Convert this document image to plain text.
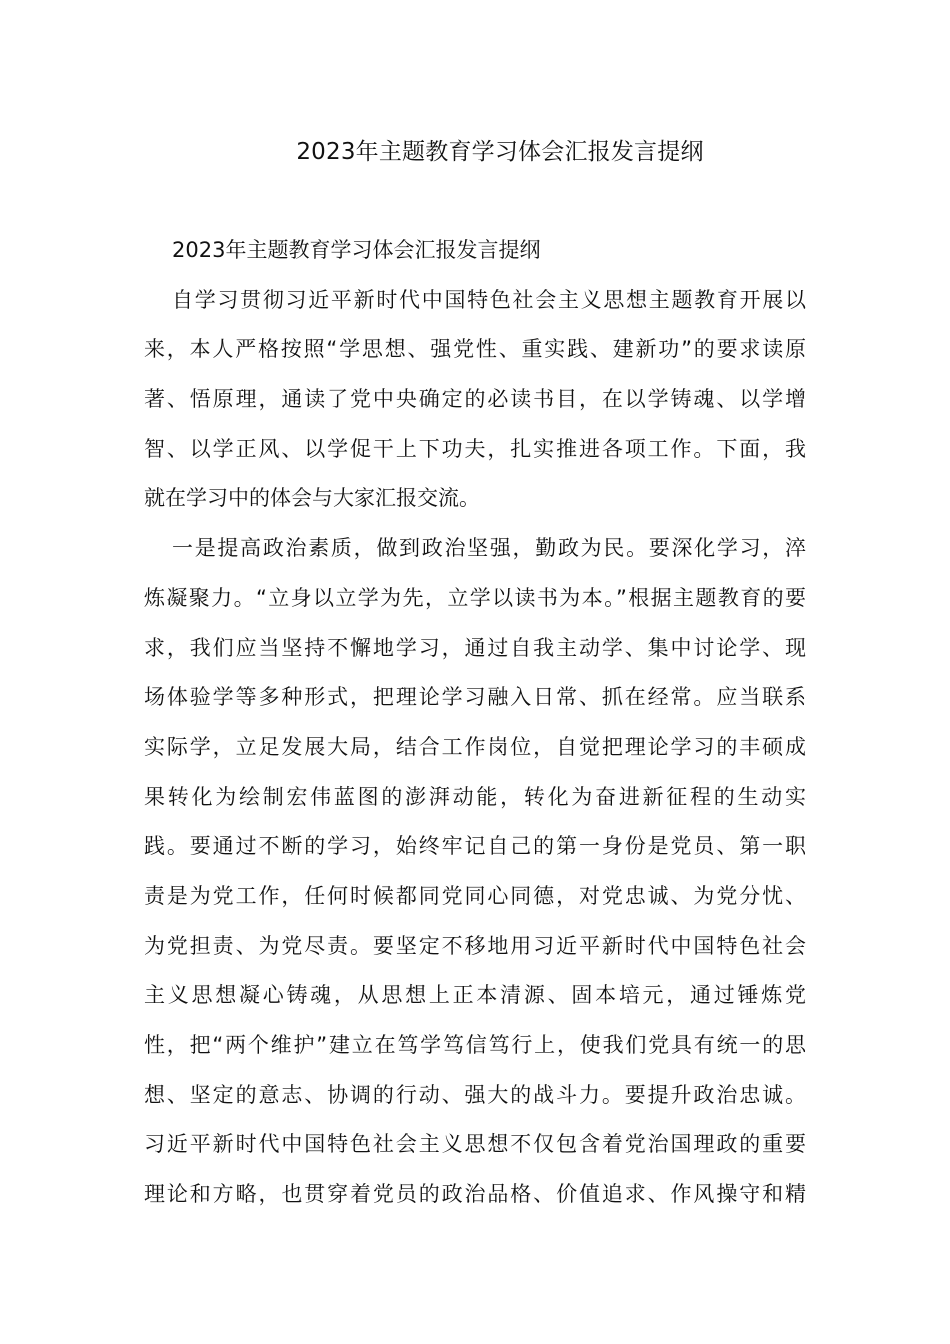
2023年主题教育学习体会汇报发言提纲
2023年主题教育学习体会汇报发言提纲
自学习贯彻习近平新时代中国特色社会主义思想主题教育开展以
来，本人严格按照“学思想、强党性、重实践、建新功”的要求读原
著、悟原理，通读了党中央确定的必读书目，在以学铸魂、以学增
智、以学正风、以学促干上下功夫，扎实推进各项工作。下面，我
就在学习中的体会与大家汇报交流。
一是提高政治素质，做到政治坚强，勤政为民。要深化学习，淬
炼凝聚力。“立身以立学为先，立学以读书为本。”根据主题教育的要
求，我们应当坚持不懈地学习，通过自我主动学、集中讨论学、现
场体验学等多种形式，把理论学习融入日常、抓在经常。应当联系
实际学，立足发展大局，结合工作岗位，自觉把理论学习的丰硕成
果转化为绘制宏伟蓝图的澎湃动能，转化为奋进新征程的生动实
践。要通过不断的学习，始终牢记自己的第一身份是党员、第一职
责是为党工作，任何时候都同党同心同德，对党忠诚、为党分忧、
为党担责、为党尽责。要坚定不移地用习近平新时代中国特色社会
主义思想凝心铸魂，从思想上正本清源、固本培元，通过锤炼党
性，把“两个维护”建立在笃学笃信笃行上，使我们党具有统一的思
想、坚定的意志、协调的行动、强大的战斗力。要提升政治忠诚。
习近平新时代中国特色社会主义思想不仅包含着党治国理政的重要
理论和方略，也贯穿着党员的政治品格、价值追求、作风操守和精
